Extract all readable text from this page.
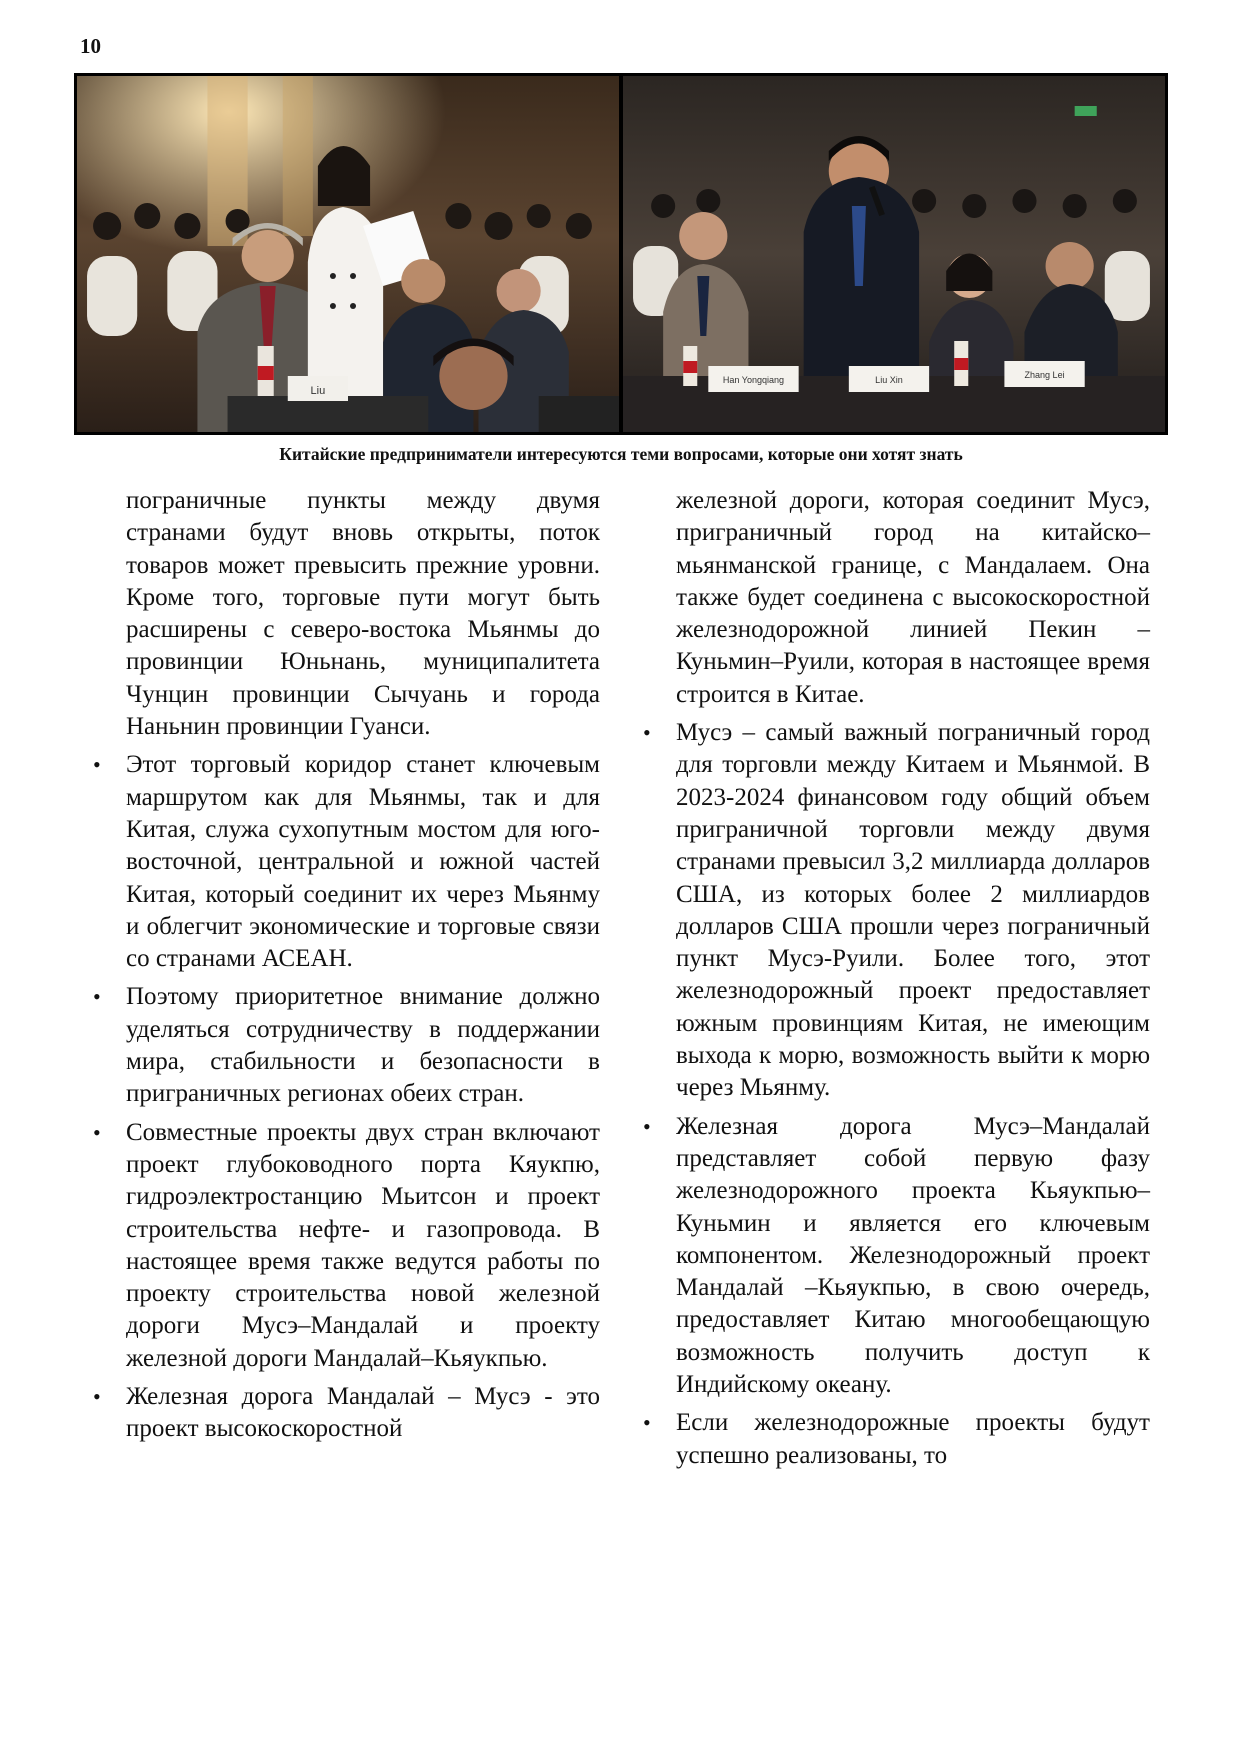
10
Liu
Han Yongqiang	Liu Xin
Zhang Lei
Китайские предприниматели интересуются теми вопросами, которые они хотят знать

пограничные пункты между двумя странами будут вновь открыты, поток товаров может превысить прежние уровни. Кроме того, торговые пути могут быть расширены с северо-востока Мьянмы до провинции Юньнань, муниципалитета Чунцин провинции Сычуань и города Наньнин провинции Гуанси.

• Этот торговый коридор станет ключевым маршрутом как для Мьянмы, так и для Китая, служа сухопутным мостом для юго-восточной, центральной и южной частей Китая, который соединит их через Мьянму и облегчит экономические и торговые связи со странами АСЕАН.

• Поэтому приоритетное внимание должно уделяться сотрудничеству в поддержании мира, стабильности и безопасности в приграничных регионах обеих стран.

• Совместные проекты двух стран включают проект глубоководного порта Кяукпю, гидроэлектростанцию Мьитсон и проект строительства нефте- и газопровода. В настоящее время также ведутся работы по проекту строительства новой железной дороги Мусэ–Мандалай и проекту железной дороги Мандалай–Кьяукпью.

• Железная дорога Мандалай – Мусэ - это проект высокоскоростной

железной дороги, которая соединит Мусэ, приграничный город на китайско–мьянманской границе, с Мандалаем. Она также будет соединена с высокоскоростной железнодорожной линией Пекин – Куньмин–Руили, которая в настоящее время строится в Китае.

• Мусэ – самый важный пограничный город для торговли между Китаем и Мьянмой. В 2023-2024 финансовом году общий объем приграничной торговли между двумя странами превысил 3,2 миллиарда долларов США, из которых более 2 миллиардов долларов США прошли через пограничный пункт Мусэ-Руили. Более того, этот железнодорожный проект предоставляет южным провинциям Китая, не имеющим выхода к морю, возможность выйти к морю через Мьянму.

• Железная дорога Мусэ–Мандалай представляет собой первую фазу железнодорожного проекта Кьяукпью–Куньмин и является его ключевым компонентом. Железнодорожный проект Мандалай –Кьяукпью, в свою очередь, предоставляет Китаю многообещающую возможность получить доступ к Индийскому океану.

• Если железнодорожные проекты будут успешно реализованы, то
